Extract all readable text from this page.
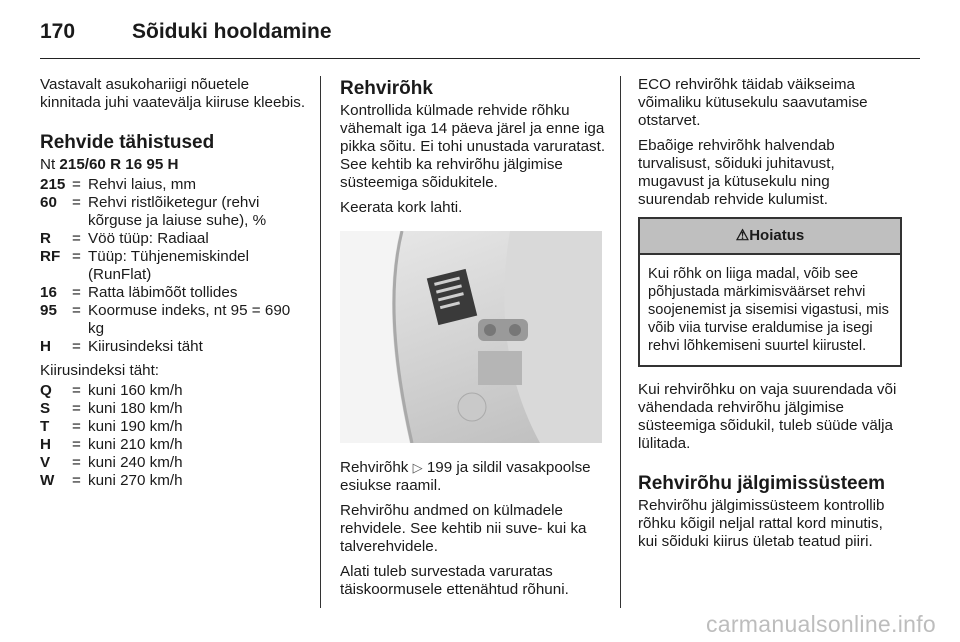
170	Sõiduki hooldamine

Vastavalt asukohariigi nõuetele kinnitada juhi vaatevälja kiiruse kleebis.

Rehvide tähistused
Nt 215/60 R 16 95 H
215 = Rehvi laius, mm
60 = Rehvi ristlõiketegur (rehvi kõrguse ja laiuse suhe), %
R	= Vöö tüüp: Radiaal
RF = Tüüp: Tühjenemiskindel (RunFlat)
16 = Ratta läbimõõt tollides
95 = Koormuse indeks, nt 95 = 690 kg
H	= Kiirusindeksi täht

Kiirusindeksi täht:

Q	= kuni 160 km/h
S	= kuni 180 km/h
T	= kuni 190 km/h
H	= kuni 210 km/h
V	= kuni 240 km/h
W	= kuni 270 km/h
Rehvirõhk

Kontrollida külmade rehvide rõhku vähemalt iga 14 päeva järel ja enne iga pikka sõitu. Ei tohi unustada varuratast. See kehtib ka rehvirõhu jälgimise süsteemiga sõidukitele.

Keerata kork lahti.

Rehvirõhk ▷ 199 ja sildil vasakpoolse esiukse raamil.

Rehvirõhu andmed on külmadele rehvidele. See kehtib nii suve- kui ka talverehvidele.

Alati tuleb survestada varuratas täiskoormusele ettenähtud rõhuni.

ECO rehvirõhk täidab väikseima võimaliku kütusekulu saavutamise otstarvet.

Ebaõige rehvirõhk halvendab turvalisust, sõiduki juhitavust, mugavust ja kütusekulu ning suurendab rehvide kulumist.

⚠Hoiatus
Kui rõhk on liiga madal, võib see põhjustada märkimisväärset rehvi soojenemist ja sisemisi vigastusi, mis võib viia turvise eraldumise ja isegi rehvi lõhkemiseni suurtel kiirustel.

Kui rehvirõhku on vaja suurendada või vähendada rehvirõhu jälgimise süsteemiga sõidukil, tuleb süüde välja lülitada.

Rehvirõhu jälgimissüsteem

Rehvirõhu jälgimissüsteem kontrollib rõhku kõigil neljal rattal kord minutis, kui sõiduki kiirus ületab teatud piiri.

carmanualsonline.info
